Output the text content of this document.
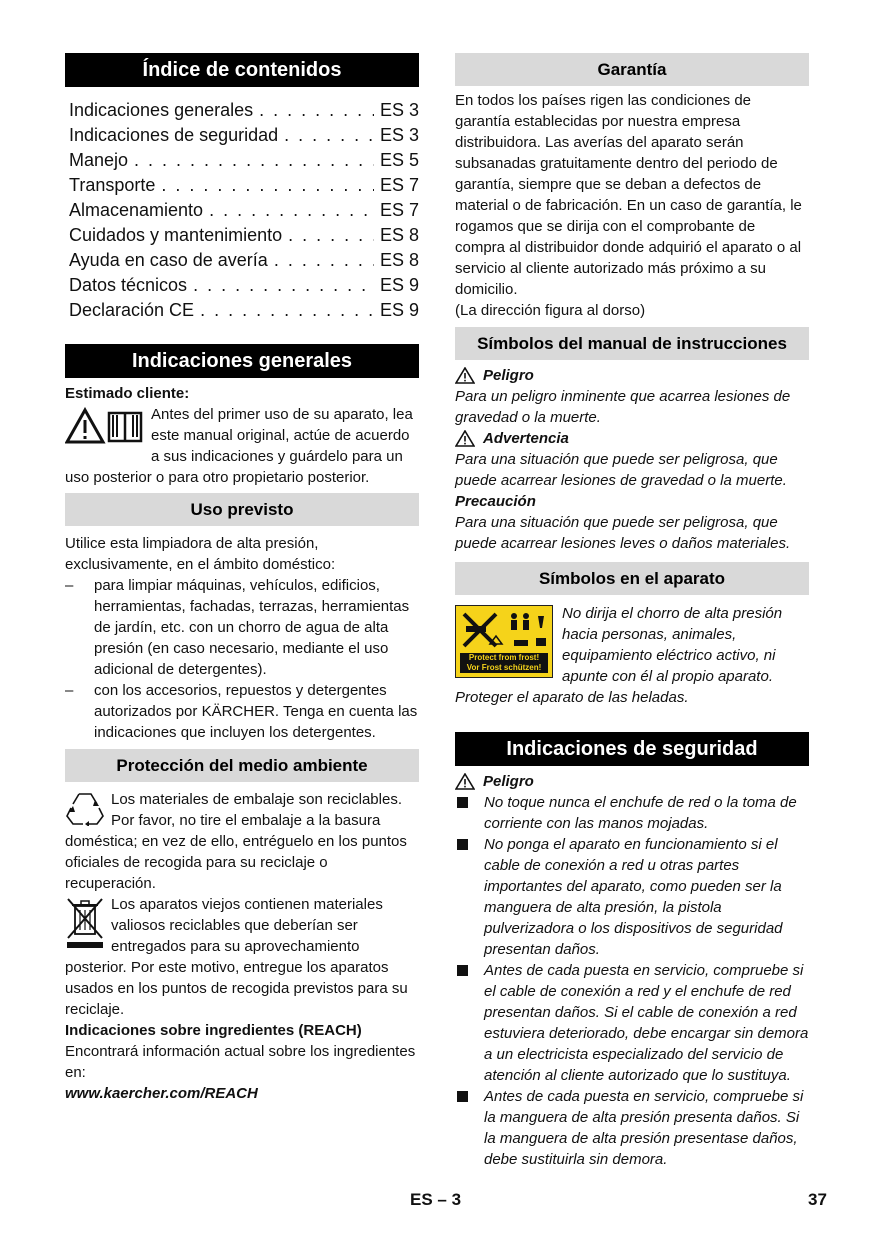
Índice de contenidos
Indicaciones generales . . .	ES 3
Indicaciones de seguridad . . .	ES 3
Manejo . . .	ES 5
Transporte . . .	ES 7
Almacenamiento . . .	ES 7
Cuidados y mantenimiento . . .	ES 8
Ayuda en caso de avería . . .	ES 8
Datos técnicos . . .	ES 9
Declaración CE . . .	ES 9
Indicaciones generales

Estimado cliente:

Antes del primer uso de su aparato, lea este manual original, actúe de acuerdo a sus indicaciones y guárdelo para un uso posterior o para otro propietario posterior.

Uso previsto

Utilice esta limpiadora de alta presión, exclusivamente, en el ámbito doméstico:

– para limpiar máquinas, vehículos, edificios, herramientas, fachadas, terrazas, herramientas de jardín, etc. con un chorro de agua de alta presión (en caso necesario, mediante el uso adicional de detergentes).
– con los accesorios, repuestos y detergentes autorizados por KÄRCHER. Tenga en cuenta las indicaciones que incluyen los detergentes.
Protección del medio ambiente

Los materiales de embalaje son reciclables. Por favor, no tire el embalaje a la basura doméstica; en vez de ello, entréguelo en los puntos oficiales de recogida para su reciclaje o recuperación.

Los aparatos viejos contienen materiales valiosos reciclables que deberían ser entregados para su aprovechamiento posterior. Por este motivo, entregue los aparatos usados en los puntos de recogida previstos para su reciclaje.

Indicaciones sobre ingredientes (REACH)

Encontrará información actual sobre los ingredientes en:

www.kaercher.com/REACH

Garantía

En todos los países rigen las condiciones de garantía establecidas por nuestra empresa distribuidora. Las averías del aparato serán subsanadas gratuitamente dentro del periodo de garantía, siempre que se deban a defectos de material o de fabricación. En un caso de garantía, le rogamos que se dirija con el comprobante de compra al distribuidor donde adquirió el aparato o al servicio al cliente autorizado más próximo a su domicilio.

(La dirección figura al dorso)

Símbolos del manual de instrucciones
Peligro

Para un peligro inminente que acarrea lesiones de gravedad o la muerte.

Advertencia

Para una situación que puede ser peligrosa, que puede acarrear lesiones de gravedad o la muerte.

Precaución

Para una situación que puede ser peligrosa, que puede acarrear lesiones leves o daños materiales.

Símbolos en el aparato
Protect from frost!
Vor Frost schützen!

No dirija el chorro de alta presión hacia personas, animales, equipamiento eléctrico activo, ni apunte con él al propio aparato. Proteger el aparato de las heladas.

Indicaciones de seguridad
Peligro
No toque nunca el enchufe de red o la toma de corriente con las manos mojadas.
No ponga el aparato en funcionamiento si el cable de conexión a red u otras partes importantes del aparato, como pueden ser la manguera de alta presión, la pistola pulverizadora o los dispositivos de seguridad presentan daños.
Antes de cada puesta en servicio, compruebe si el cable de conexión a red y el enchufe de red presentan daños. Si el cable de conexión a red estuviera deteriorado, debe encargar sin demora a un electricista especializado del servicio de atención al cliente autorizado que lo sustituya.
Antes de cada puesta en servicio, compruebe si la manguera de alta presión presenta daños. Si la manguera de alta presión presentase daños, debe sustituirla sin demora.
ES – 3	37
